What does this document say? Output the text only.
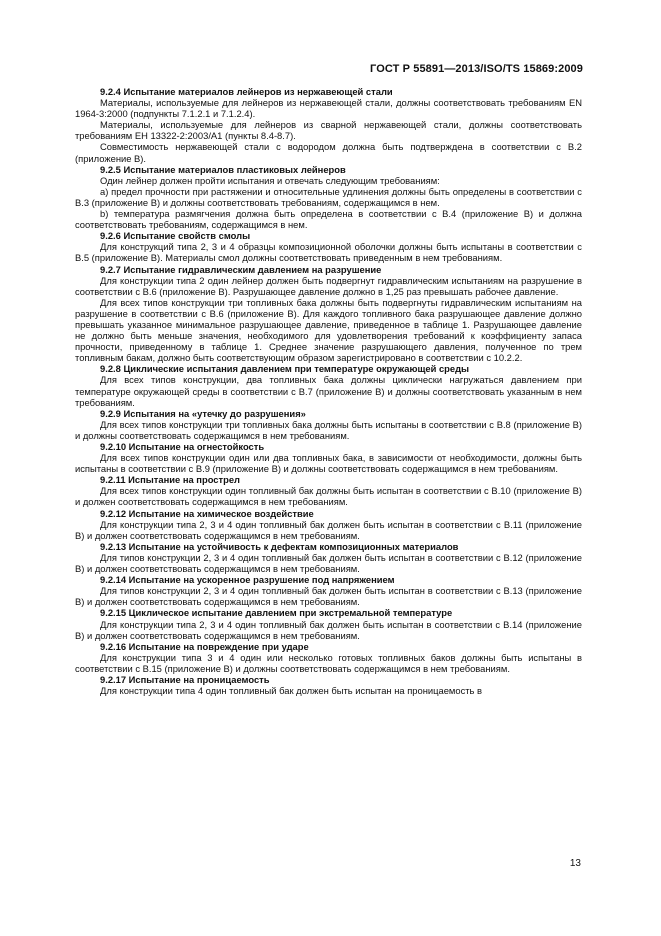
ГОСТ Р 55891—2013/ISO/TS 15869:2009
9.2.4 Испытание материалов лейнеров из нержавеющей стали

Материалы, используемые для лейнеров из нержавеющей стали, должны соответствовать требованиям EN 1964-3:2000 (подпункты 7.1.2.1 и 7.1.2.4).

Материалы, используемые для лейнеров из сварной нержавеющей стали, должны соответствовать требованиям EH 13322-2:2003/A1 (пункты 8.4-8.7).

Совместимость нержавеющей стали с водородом должна быть подтверждена в соответствии с B.2 (приложение B).

9.2.5 Испытание материалов пластиковых лейнеров

Один лейнер должен пройти испытания и отвечать следующим требованиям:

a) предел прочности при растяжении и относительные удлинения должны быть определены в соответствии с B.3 (приложение B) и должны соответствовать требованиям, содержащимся в нем.

b) температура размягчения должна быть определена в соответствии с B.4 (приложение B) и должна соответствовать требованиям, содержащимся в нем.

9.2.6 Испытание свойств смолы

Для конструкций типа 2, 3 и 4 образцы композиционной оболочки должны быть испытаны в соответствии с B.5 (приложение B). Материалы смол должны соответствовать приведенным в нем требованиям.

9.2.7 Испытание гидравлическим давлением на разрушение

Для конструкции типа 2 один лейнер должен быть подвергнут гидравлическим испытаниям на разрушение в соответствии с B.6 (приложение B). Разрушающее давление должно в 1,25 раз превышать рабочее давление.

Для всех типов конструкции три топливных бака должны быть подвергнуты гидравлическим испытаниям на разрушение в соответствии с B.6 (приложение B). Для каждого топливного бака разрушающее давление должно превышать указанное минимальное разрушающее давление, приведенное в таблице 1. Разрушающее давление не должно быть меньше значения, необходимого для удовлетворения требований к коэффициенту запаса прочности, приведенному в таблице 1. Среднее значение разрушающего давления, полученное по трем топливным бакам, должно быть соответствующим образом зарегистрировано в соответствии с 10.2.2.

9.2.8 Циклические испытания давлением при температуре окружающей среды

Для всех типов конструкции, два топливных бака должны циклически нагружаться давлением при температуре окружающей среды в соответствии с B.7 (приложение B) и должны соответствовать указанным в нем требованиям.

9.2.9 Испытания на «утечку до разрушения»

Для всех типов конструкции три топливных бака должны быть испытаны в соответствии с B.8 (приложение B) и должны соответствовать содержащимся в нем требованиям.

9.2.10 Испытание на огнестойкость

Для всех типов конструкции один или два топливных бака, в зависимости от необходимости, должны быть испытаны в соответствии с B.9 (приложение B) и должны соответствовать содержащимся в нем требованиям.

9.2.11 Испытание на прострел

Для всех типов конструкции один топливный бак должны быть испытан в соответствии с B.10 (приложение B) и должен соответствовать содержащимся в нем требованиям.

9.2.12 Испытание на химическое воздействие

Для конструкции типа 2, 3 и 4 один топливный бак должен быть испытан в соответствии с B.11 (приложение B) и должен соответствовать содержащимся в нем требованиям.

9.2.13 Испытание на устойчивость к дефектам композиционных материалов

Для типов конструкции 2, 3 и 4 один топливный бак должен быть испытан в соответствии с B.12 (приложение B) и должен соответствовать содержащимся в нем требованиям.

9.2.14 Испытание на ускоренное разрушение под напряжением

Для типов конструкции 2, 3 и 4 один топливный бак должен быть испытан в соответствии с B.13 (приложение B) и должен соответствовать содержащимся в нем требованиям.

9.2.15 Циклическое испытание давлением при экстремальной температуре

Для конструкции типа 2, 3 и 4 один топливный бак должен быть испытан в соответствии с B.14 (приложение B) и должен соответствовать содержащимся в нем требованиям.

9.2.16 Испытание на повреждение при ударе

Для конструкции типа 3 и 4 один или несколько готовых топливных баков должны быть испытаны в соответствии с B.15 (приложение B) и должны соответствовать содержащимся в нем требованиям.

9.2.17 Испытание на проницаемость

Для конструкции типа 4 один топливный бак должен быть испытан на проницаемость в

13
